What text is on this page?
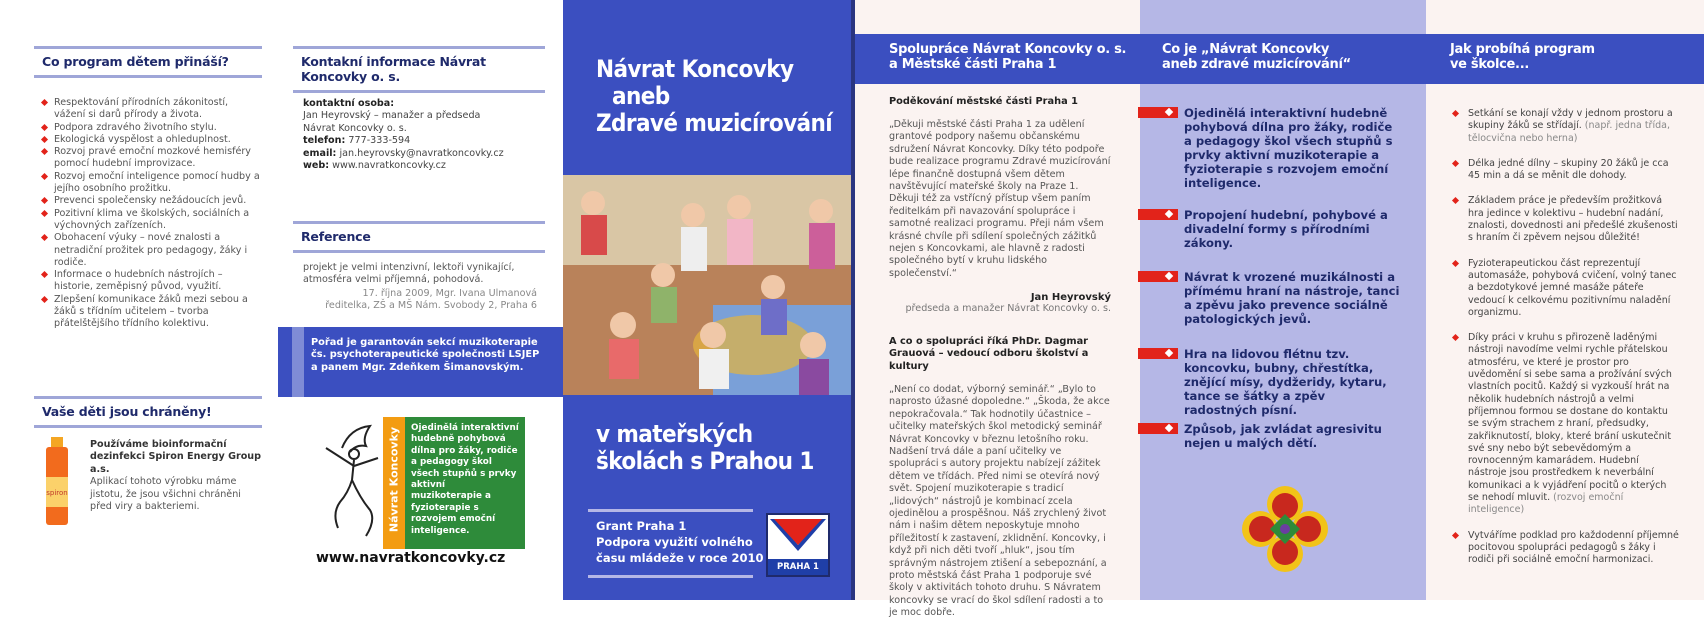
Co program dětem přináší?
Respektování přírodních zákonitostí, vážení si darů přírody a života.
Podpora zdravého životního stylu.
Ekologická vyspělost a ohleduplnost.
Rozvoj pravé emoční mozkové hemisféry pomocí hudební improvizace.
Rozvoj emoční inteligence pomocí hudby a jejího osobního prožitku.
Prevenci společensky nežádoucích jevů.
Pozitivní klima ve školských, sociálních a výchovných zařízeních.
Obohacení výuky – nové znalosti a netradiční prožitek pro pedagogy, žáky i rodiče.
Informace o hudebních nástrojích – historie, zeměpisný původ, využití.
Zlepšení komunikace žáků mezi sebou a žáků s třídním učitelem – tvorba přátelštějšího třídního kolektivu.
Vaše děti jsou chráněny!
spiron
Používáme bioinformační dezinfekci Spiron Energy Group a.s.
Aplikací tohoto výrobku máme jistotu, že jsou všichni chráněni před viry a bakteriemi.
Kontakní informace Návrat Koncovky o. s.
kontaktní osoba:
Jan Heyrovský – manažer a předseda
Návrat Koncovky o. s.
telefon: 777-333-594
email: jan.heyrovsky@navratkoncovky.cz
web: www.navratkoncovky.cz
Reference
projekt je velmi intenzivní, lektoři vynikající, atmosféra velmi příjemná, pohodová.
17. října 2009, Mgr. Ivana Ulmanová
ředitelka, ZŠ a MŠ Nám. Svobody 2, Praha 6
Pořad je garantován sekcí muzikoterapie čs. psychoterapeutické společnosti LSJEP a panem Mgr. Zdeňkem Šimanovským.
Návrat Koncovky Ojedinělá interaktivní hudebně pohybová dílna pro žáky, rodiče a pedagogy škol všech stupňů s prvky aktivní muzikoterapie a fyzioterapie s rozvojem emoční inteligence.
www.navratkoncovky.cz
Návrat Koncovky
aneb
Zdravé muzicírování
v mateřských
školách s Prahou 1
Grant Praha 1
Podpora využití volného
času mládeže v roce 2010
PRAHA 1
Spolupráce Návrat Koncovky o. s.
a Městské části Praha 1
Poděkování městské části Praha 1
„Děkuji městské části Praha 1 za udělení grantové podpory našemu občanskému sdružení Návrat Koncovky. Díky této podpoře bude realizace programu Zdravé muzicírování lépe finančně dostupná všem dětem navštěvující mateřské školy na Praze 1. Děkuji též za vstřícný přístup všem paním ředitelkám při navazování spolupráce i samotné realizaci programu. Přeji nám všem krásné chvíle při sdílení společných zážitků nejen s Koncovkami, ale hlavně z radosti společného bytí v kruhu lidského společenství.“
Jan Heyrovský
předseda a manažer Návrat Koncovky o. s.
A co o spolupráci říká PhDr. Dagmar Grauová – vedoucí odboru školství a kultury
„Není co dodat, výborný seminář.“ „Bylo to naprosto úžasné dopoledne.“ „Škoda, že akce nepokračovala.“ Tak hodnotily účastnice – učitelky mateřských škol metodický seminář Návrat Koncovky v březnu letošního roku. Nadšení trvá dále a paní učitelky ve spolupráci s autory projektu nabízejí zážitek dětem ve třídách. Před nimi se otevírá nový svět. Spojení muzikoterapie s tradicí „lidových“ nástrojů je kombinací zcela ojedinělou a prospěšnou. Náš zrychlený život nám i našim dětem neposkytuje mnoho příležitostí k zastavení, zklidnění. Koncovky, i když při nich děti tvoří „hluk“, jsou tím správným nástrojem ztišení a sebepoznání, a proto městská část Praha 1 podporuje své školy v aktivitách tohoto druhu. S Návratem koncovky se vrací do škol sdílení radosti a to je moc dobře.
Co je „Návrat Koncovky
aneb zdravé muzicírování“
Ojedinělá interaktivní hudebně pohybová dílna pro žáky, rodiče a pedagogy škol všech stupňů s prvky aktivní muzikoterapie a fyzioterapie s rozvojem emoční inteligence.
Propojení hudební, pohybové a divadelní formy s přírodními zákony.
Návrat k vrozené muzikálnosti a přímému hraní na nástroje, tanci a zpěvu jako prevence sociálně patologických jevů.
Hra na lidovou flétnu tzv. koncovku, bubny, chřestítka, znějící mísy, dydžeridy, kytaru, tance se šátky a zpěv radostných písní.
Způsob, jak zvládat agresivitu nejen u malých dětí.
Jak probíhá program
ve školce...
Setkání se konají vždy v jednom prostoru a skupiny žáků se střídají. (např. jedna třída, tělocvična nebo herna)
Délka jedné dílny – skupiny 20 žáků je cca 45 min a dá se měnit dle dohody.
Základem práce je především prožitková hra jedince v kolektivu – hudební nadání, znalosti, dovednosti ani předešlé zkušenosti s hraním či zpěvem nejsou důležité!
Fyzioterapeutickou část reprezentují automasáže, pohybová cvičení, volný tanec a bezdotykové jemné masáže páteře vedoucí k celkovému pozitivnímu naladění organizmu.
Díky práci v kruhu s přirozeně laděnými nástroji navodíme velmi rychle přátelskou atmosféru, ve které je prostor pro uvědomění si sebe sama a prožívání svých vlastních pocitů. Každý si vyzkouší hrát na několik hudebních nástrojů a velmi příjemnou formou se dostane do kontaktu se svým strachem z hraní, předsudky, zakřiknutostí, bloky, které brání uskutečnit své sny nebo být sebevědomým a rovnocenným kamarádem. Hudební nástroje jsou prostředkem k neverbální komunikaci a k vyjádření pocitů o kterých se nehodí mluvit. (rozvoj emoční inteligence)
Vytváříme podklad pro každodenní příjemné pocitovou spolupráci pedagogů s žáky i rodiči při sociálně emoční harmonizaci.
